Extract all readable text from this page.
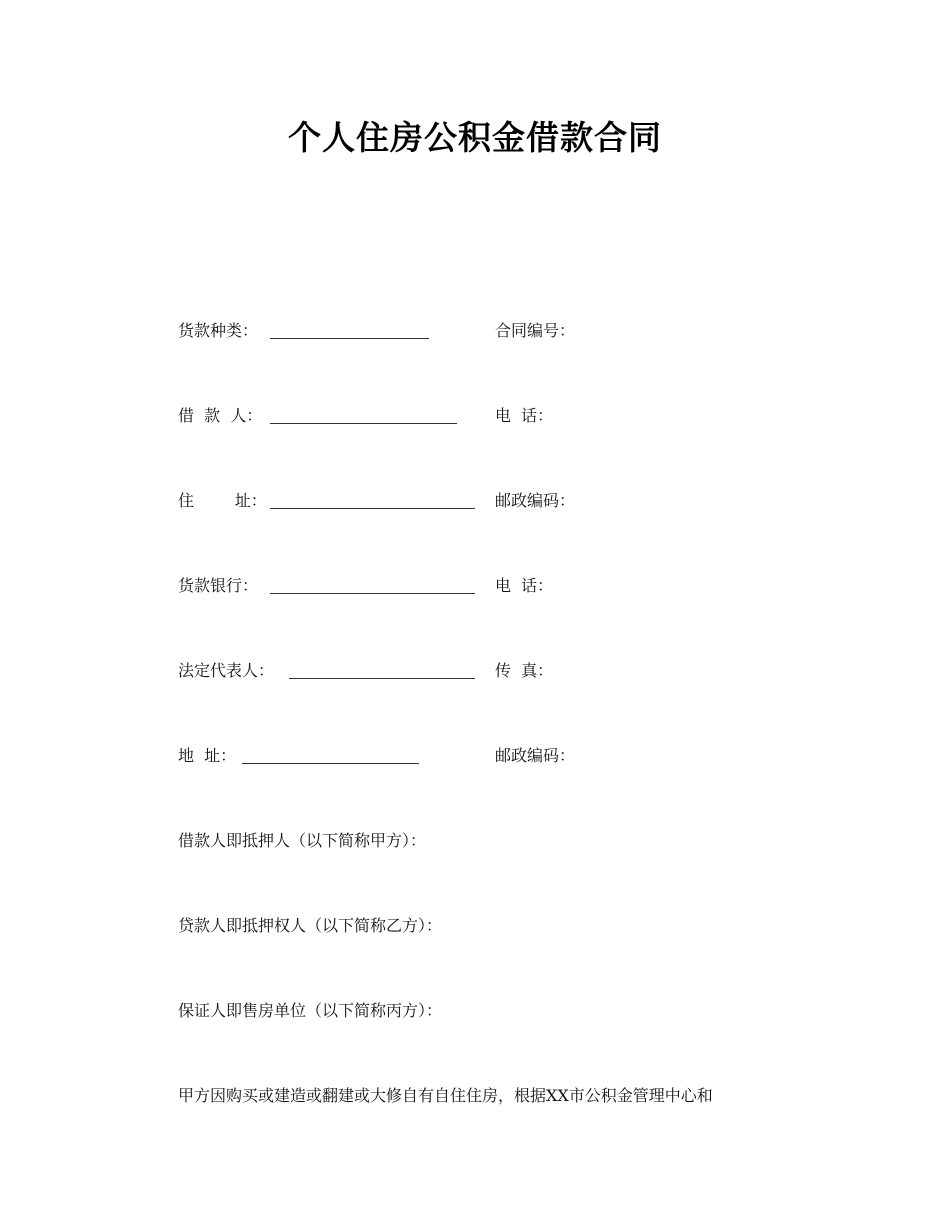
个人住房公积金借款合同
货款种类：	合同编号：
借  款  人：	电  话：
住        址：	邮政编码：
货款银行：	电  话：
法定代表人：	传  真：
地  址：	邮政编码：
借款人即抵押人（以下简称甲方）：
贷款人即抵押权人（以下简称乙方）：
保证人即售房单位（以下简称丙方）：
甲方因购买或建造或翻建或大修自有自住住房，根据XX市公积金管理中心和
